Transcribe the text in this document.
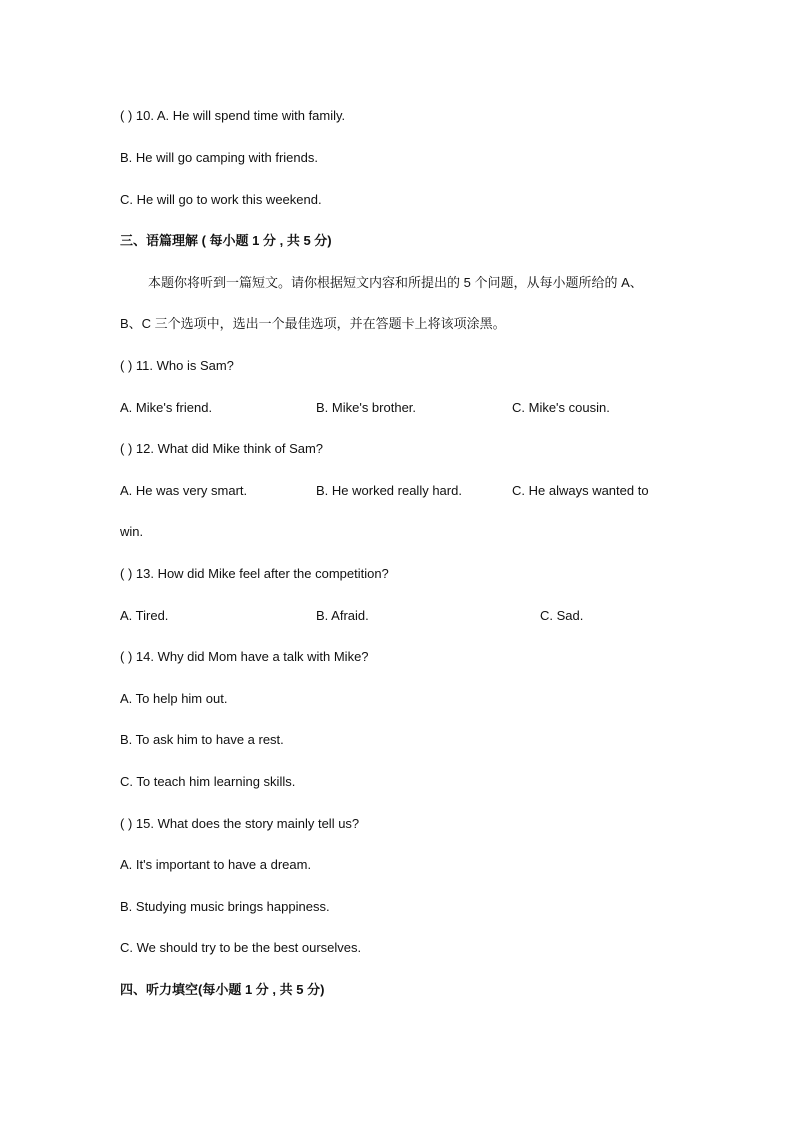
( ) 10. A. He will spend time with family.
B. He will go camping with friends.
C. He will go to work this weekend.
三、语篇理解 ( 每小题 1 分 , 共 5 分)
本题你将听到一篇短文。请你根据短文内容和所提出的 5 个问题，从每小题所给的 A、
B、C 三个选项中，选出一个最佳选项，并在答题卡上将该项涂黑。
( ) 11. Who is Sam?
A. Mike's friend.	B. Mike's brother.	C. Mike's cousin.
( ) 12. What did Mike think of Sam?
A. He was very smart.	B. He worked really hard.	C. He always wanted to
win.
( ) 13. How did Mike feel after the competition?
A. Tired.	B. Afraid.	C. Sad.
( ) 14. Why did Mom have a talk with Mike?
A. To help him out.
B. To ask him to have a rest.
C. To teach him learning skills.
( ) 15. What does the story mainly tell us?
A. It's important to have a dream.
B. Studying music brings happiness.
C. We should try to be the best ourselves.
四、听力填空(每小题 1 分 , 共 5 分)
